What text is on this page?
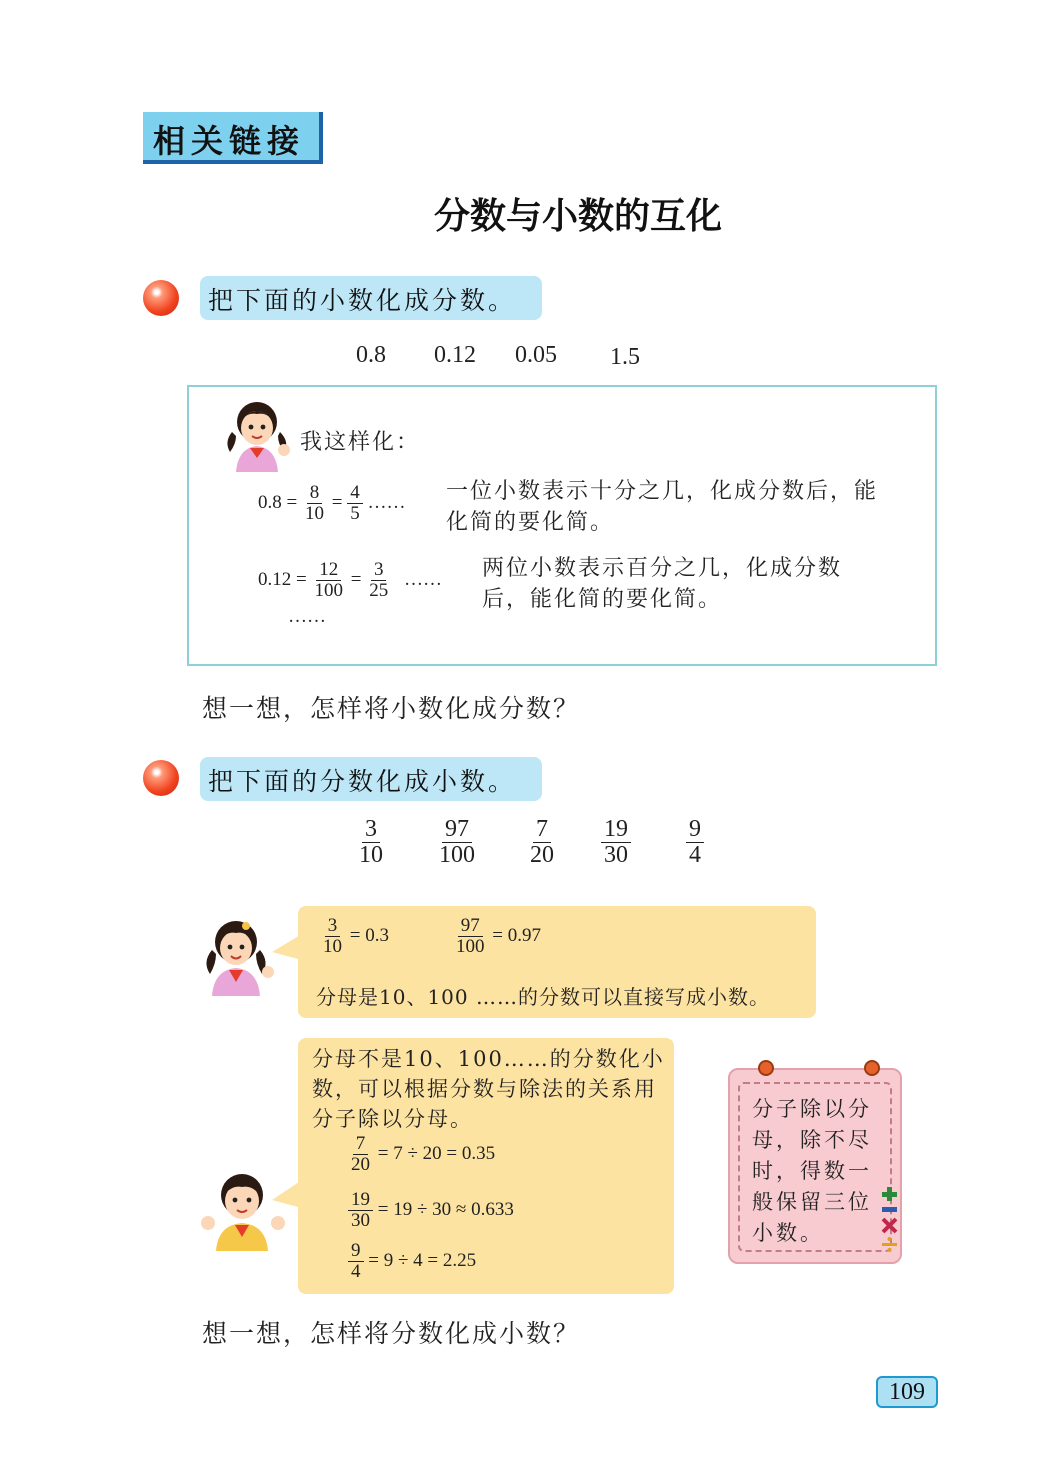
相关链接
分数与小数的互化
把下面的小数化成分数。
0.8 0.12 0.05 1.5
我这样化：
$0.8 = \frac{8}{10} = \frac{4}{5}$ …… 一位小数表示十分之几，化成分数后，能化简的要化简。
$0.12 = \frac{12}{100} = \frac{3}{25}$ …… 两位小数表示百分之几，化成分数后，能化简的要化简。
……
想一想，怎样将小数化成分数？
把下面的分数化成小数。
$\frac{3}{10} \frac{97}{100} \frac{7}{20} \frac{19}{30} \frac{9}{4}$
$\frac{3}{10} = 0.3$	$\frac{97}{100} = 0.97$
分母是10、100 ……的分数可以直接写成小数。
分母不是10、100……的分数化小数，可以根据分数与除法的关系用分子除以分母。
$\frac{7}{20} = 7 \div 20 = 0.35$
$\frac{19}{30} = 19 \div 30 \approx 0.633$
$\frac{9}{4} = 9 \div 4 = 2.25$
分子除以分母，除不尽时，得数一般保留三位小数。
想一想，怎样将分数化成小数？
109
